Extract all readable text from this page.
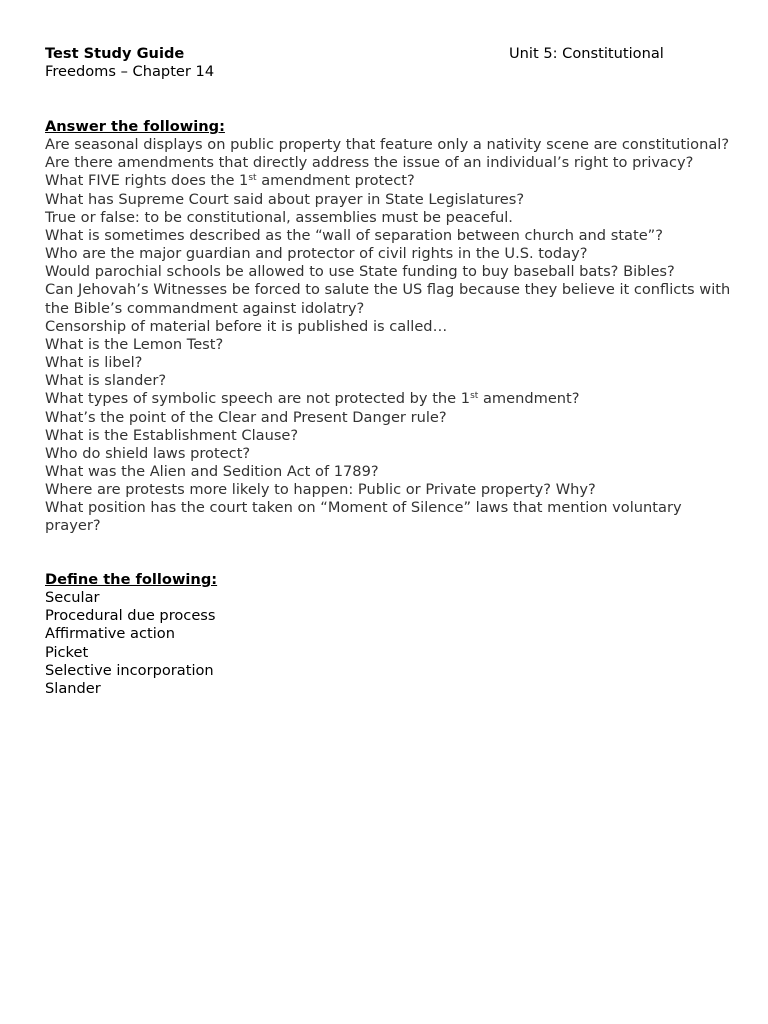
Test Study Guide	Unit 5: Constitutional
Freedoms – Chapter 14
Answer the following:
Are seasonal displays on public property that feature only a nativity scene are constitutional?
Are there amendments that directly address the issue of an individual’s right to privacy?
What FIVE rights does the 1st amendment protect?
What has Supreme Court said about prayer in State Legislatures?
True or false: to be constitutional, assemblies must be peaceful.
What is sometimes described as the “wall of separation between church and state”?
Who are the major guardian and protector of civil rights in the U.S. today?
Would parochial schools be allowed to use State funding to buy baseball bats? Bibles?
Can Jehovah’s Witnesses be forced to salute the US flag because they believe it conflicts with the Bible’s commandment against idolatry?
Censorship of material before it is published is called…
What is the Lemon Test?
What is libel?
What is slander?
What types of symbolic speech are not protected by the 1st amendment?
What’s the point of the Clear and Present Danger rule?
What is the Establishment Clause?
Who do shield laws protect?
What was the Alien and Sedition Act of 1789?
Where are protests more likely to happen: Public or Private property? Why?
What position has the court taken on “Moment of Silence” laws that mention voluntary prayer?
Define the following:
Secular
Procedural due process
Affirmative action
Picket
Selective incorporation
Slander
